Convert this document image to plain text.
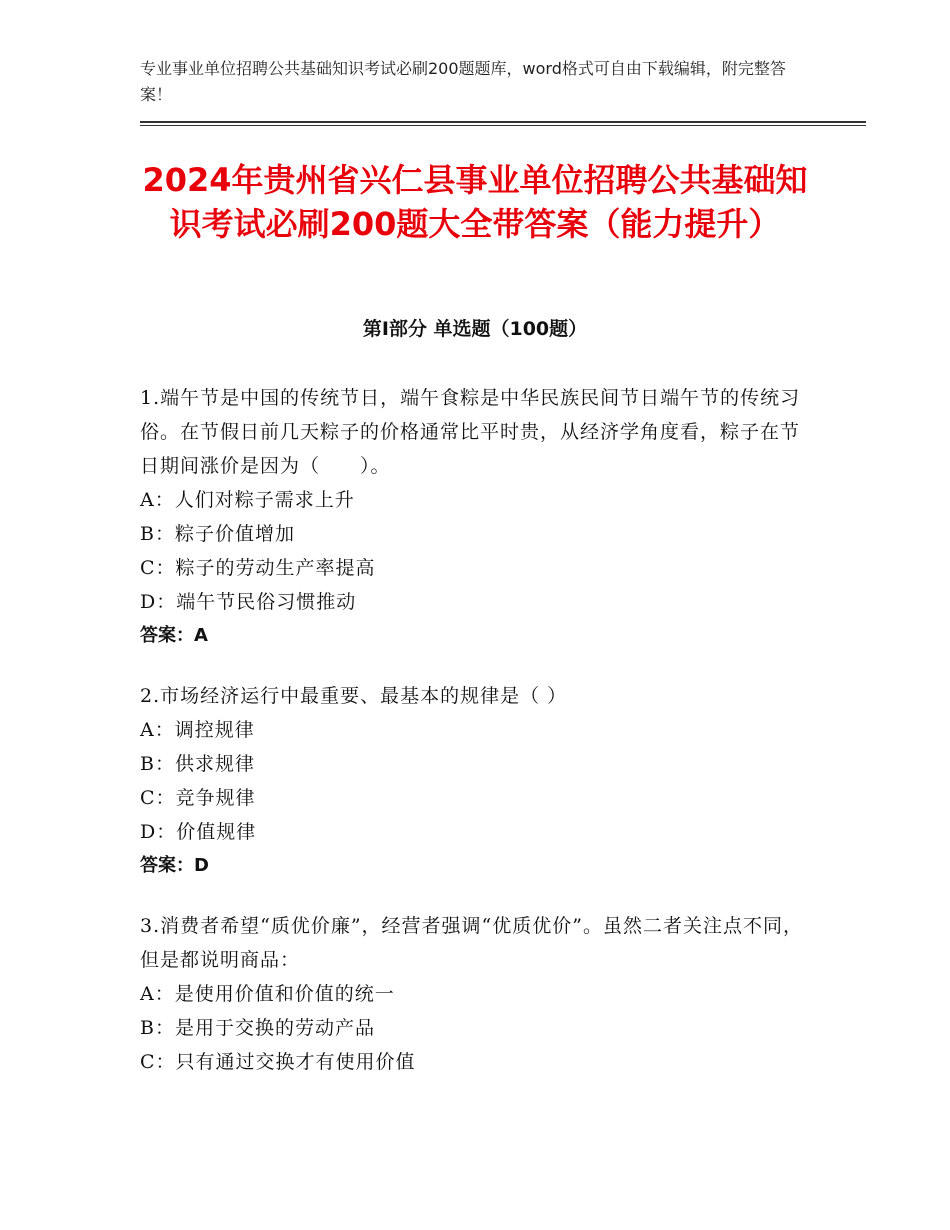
专业事业单位招聘公共基础知识考试必刷200题题库，word格式可自由下载编辑，附完整答案！
2024年贵州省兴仁县事业单位招聘公共基础知识考试必刷200题大全带答案（能力提升）
第Ⅰ部分 单选题（100题）
1.端午节是中国的传统节日，端午食粽是中华民族民间节日端午节的传统习俗。在节假日前几天粽子的价格通常比平时贵，从经济学角度看，粽子在节日期间涨价是因为（　　）。
A：人们对粽子需求上升
B：粽子价值增加
C：粽子的劳动生产率提高
D：端午节民俗习惯推动
答案：A
2.市场经济运行中最重要、最基本的规律是（ ）
A：调控规律
B：供求规律
C：竞争规律
D：价值规律
答案：D
3.消费者希望“质优价廉”，经营者强调“优质优价”。虽然二者关注点不同，但是都说明商品：
A：是使用价值和价值的统一
B：是用于交换的劳动产品
C：只有通过交换才有使用价值
